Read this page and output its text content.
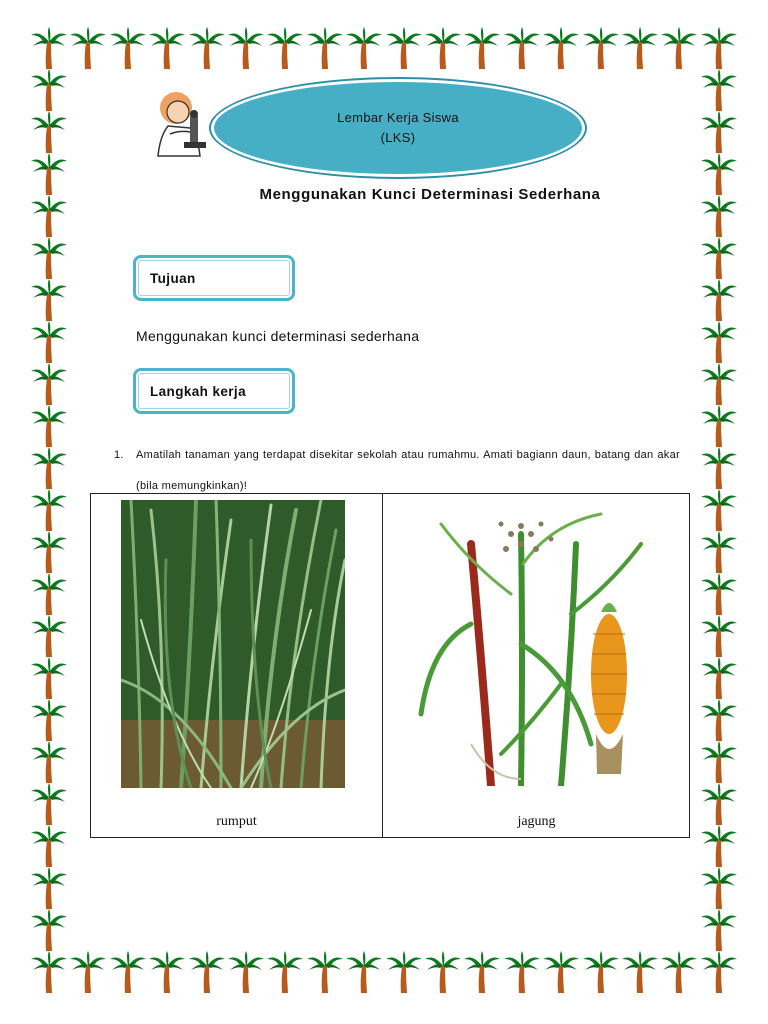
Lembar Kerja Siswa
(LKS)
Menggunakan Kunci Determinasi Sederhana
Tujuan
Menggunakan kunci determinasi sederhana
Langkah kerja
1. Amatilah tanaman yang terdapat disekitar sekolah atau rumahmu. Amati bagiann daun, batang dan akar (bila memungkinkan)!
rumput	jagung
